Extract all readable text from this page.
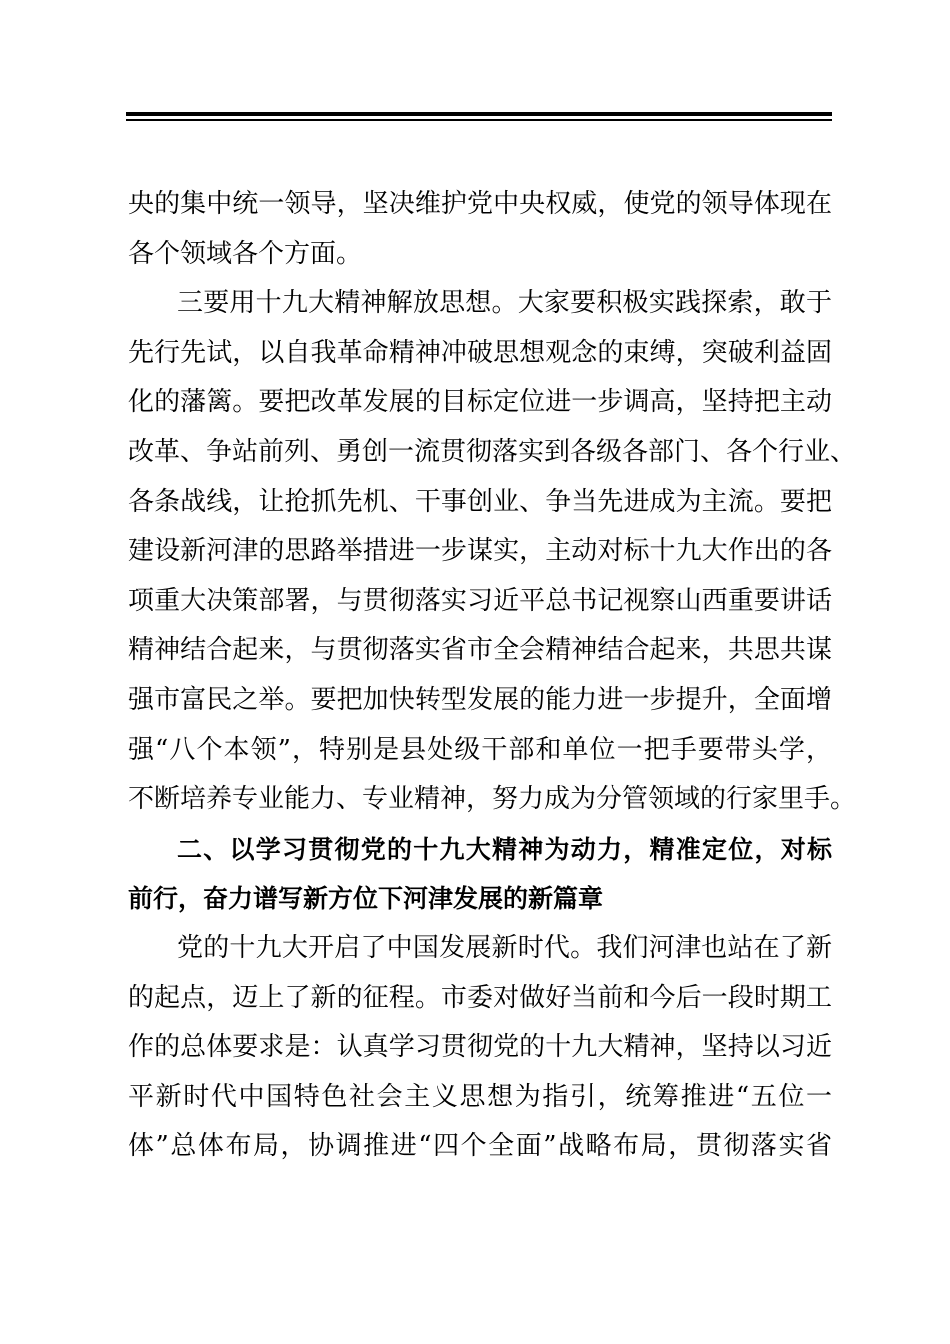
央的集中统一领导，坚决维护党中央权威，使党的领导体现在
各个领域各个方面。
三要用十九大精神解放思想。大家要积极实践探索，敢于
先行先试，以自我革命精神冲破思想观念的束缚，突破利益固
化的藩篱。要把改革发展的目标定位进一步调高，坚持把主动
改革、争站前列、勇创一流贯彻落实到各级各部门、各个行业、
各条战线，让抢抓先机、干事创业、争当先进成为主流。要把
建设新河津的思路举措进一步谋实，主动对标十九大作出的各
项重大决策部署，与贯彻落实习近平总书记视察山西重要讲话
精神结合起来，与贯彻落实省市全会精神结合起来，共思共谋
强市富民之举。要把加快转型发展的能力进一步提升，全面增
强“八个本领”，特别是县处级干部和单位一把手要带头学，
不断培养专业能力、专业精神，努力成为分管领域的行家里手。
二、以学习贯彻党的十九大精神为动力，精准定位，对标
前行，奋力谱写新方位下河津发展的新篇章
党的十九大开启了中国发展新时代。我们河津也站在了新
的起点，迈上了新的征程。市委对做好当前和今后一段时期工
作的总体要求是：认真学习贯彻党的十九大精神，坚持以习近
平新时代中国特色社会主义思想为指引，统筹推进“五位一
体”总体布局，协调推进“四个全面”战略布局，贯彻落实省
